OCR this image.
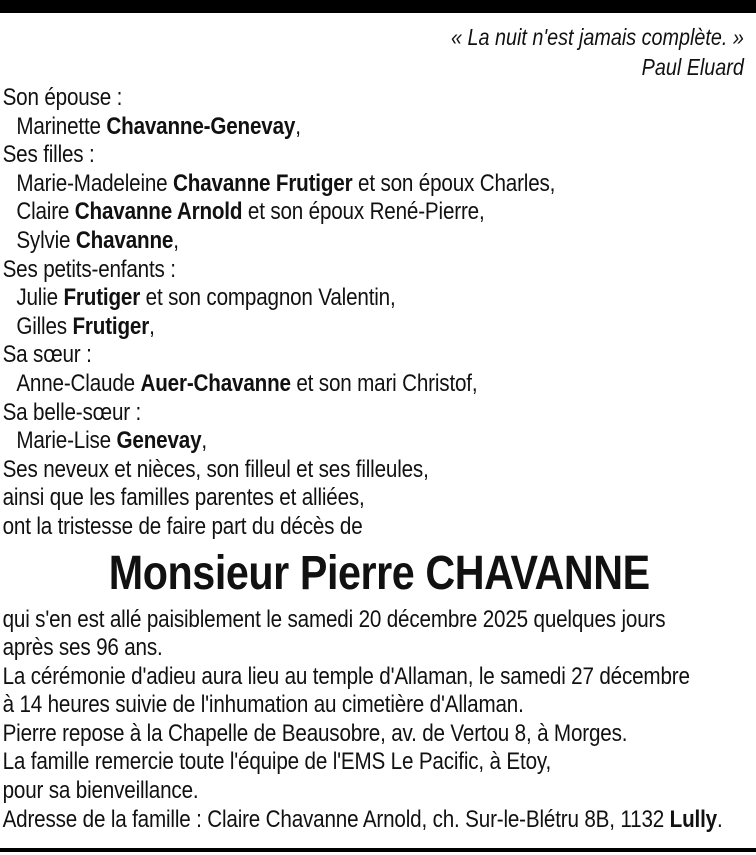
« La nuit n'est jamais complète. »
Paul Eluard
Son épouse :
Marinette Chavanne-Genevay,
Ses filles :
Marie-Madeleine Chavanne Frutiger et son époux Charles,
Claire Chavanne Arnold et son époux René-Pierre,
Sylvie Chavanne,
Ses petits-enfants :
Julie Frutiger et son compagnon Valentin,
Gilles Frutiger,
Sa sœur :
Anne-Claude Auer-Chavanne et son mari Christof,
Sa belle-sœur :
Marie-Lise Genevay,
Ses neveux et nièces, son filleul et ses filleules,
ainsi que les familles parentes et alliées,
ont la tristesse de faire part du décès de
Monsieur Pierre CHAVANNE
qui s'en est allé paisiblement le samedi 20 décembre 2025 quelques jours
après ses 96 ans.
La cérémonie d'adieu aura lieu au temple d'Allaman, le samedi 27 décembre
à 14 heures suivie de l'inhumation au cimetière d'Allaman.
Pierre repose à la Chapelle de Beausobre, av. de Vertou 8, à Morges.
La famille remercie toute l'équipe de l'EMS Le Pacific, à Etoy,
pour sa bienveillance.
Adresse de la famille : Claire Chavanne Arnold, ch. Sur-le-Blétru 8B, 1132 Lully.
